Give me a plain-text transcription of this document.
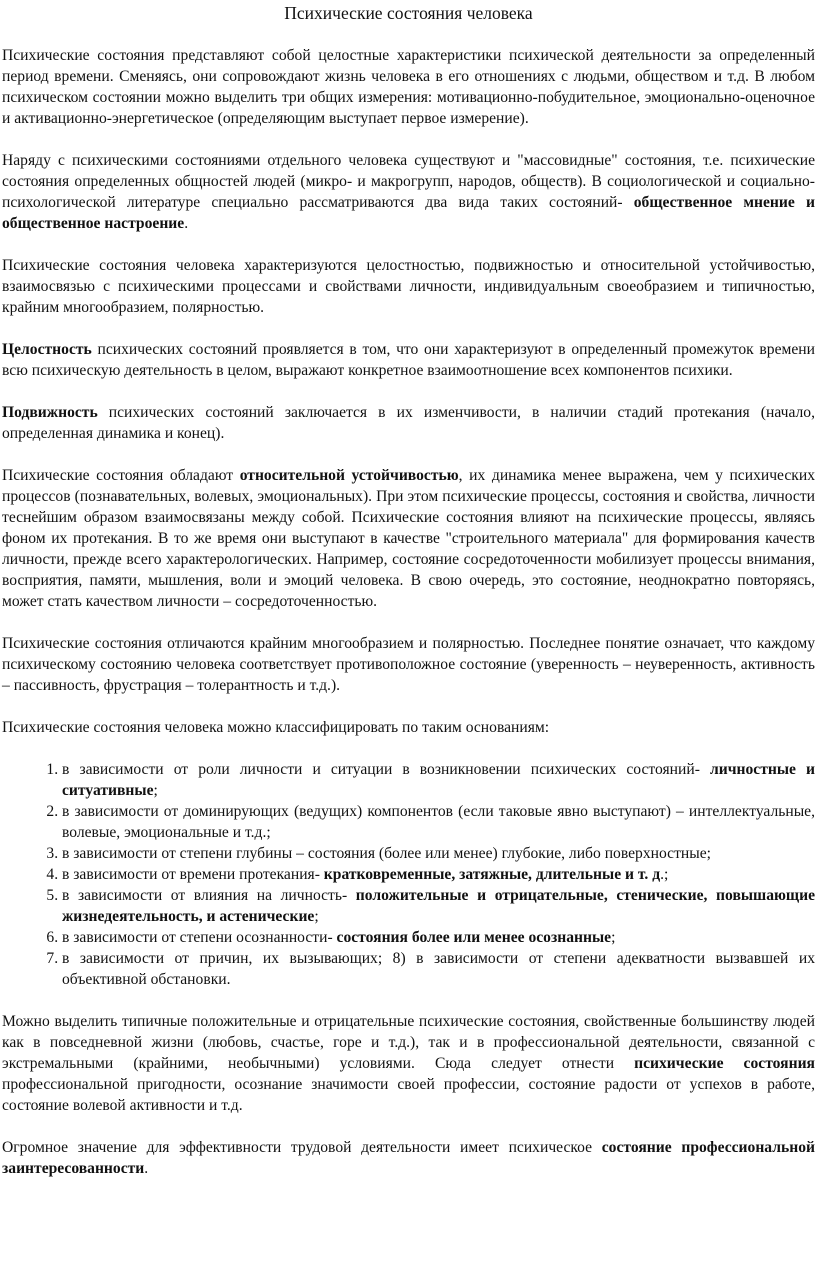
Психические состояния человека

Психические состояния представляют собой целостные характеристики психической деятельности за определенный период времени. Сменяясь, они сопровождают жизнь человека в его отношениях с людьми, обществом и т.д. В любом психическом состоянии можно выделить три общих измерения: мотивационно-побудительное, эмоционально-оценочное и активационно-энергетическое (определяющим выступает первое измерение).

Наряду с психическими состояниями отдельного человека существуют и "массовидные" состояния, т.е. психические состояния определенных общностей людей (микро- и макрогрупп, народов, обществ). В социологической и социально-психологической литературе специально рассматриваются два вида таких состояний- общественное мнение и общественное настроение.

Психические состояния человека характеризуются целостностью, подвижностью и относительной устойчивостью, взаимосвязью с психическими процессами и свойствами личности, индивидуальным своеобразием и типичностью, крайним многообразием, полярностью.

Целостность психических состояний проявляется в том, что они характеризуют в определенный промежуток времени всю психическую деятельность в целом, выражают конкретное взаимоотношение всех компонентов психики.

Подвижность психических состояний заключается в их изменчивости, в наличии стадий протекания (начало, определенная динамика и конец).

Психические состояния обладают относительной устойчивостью, их динамика менее выражена, чем у психических процессов (познавательных, волевых, эмоциональных). При этом психические процессы, состояния и свойства, личности теснейшим образом взаимосвязаны между собой. Психические состояния влияют на психические процессы, являясь фоном их протекания. В то же время они выступают в качестве "строительного материала" для формирования качеств личности, прежде всего характерологических. Например, состояние сосредоточенности мобилизует процессы внимания, восприятия, памяти, мышления, воли и эмоций человека. В свою очередь, это состояние, неоднократно повторяясь, может стать качеством личности – сосредоточенностью.

Психические состояния отличаются крайним многообразием и полярностью. Последнее понятие означает, что каждому психическому состоянию человека соответствует противоположное состояние (уверенность – неуверенность, активность – пассивность, фрустрация – толерантность и т.д.).

Психические состояния человека можно классифицировать по таким основаниям:

1. в зависимости от роли личности и ситуации в возникновении психических состояний- личностные и ситуативные;
2. в зависимости от доминирующих (ведущих) компонентов (если таковые явно выступают) – интеллектуальные, волевые, эмоциональные и т.д.;
3. в зависимости от степени глубины – состояния (более или менее) глубокие, либо поверхностные;
4. в зависимости от времени протекания- кратковременные, затяжные, длительные и т. д.;
5. в зависимости от влияния на личность- положительные и отрицательные, стенические, повышающие жизнедеятельность, и астенические;
6. в зависимости от степени осознанности- состояния более или менее осознанные;
7. в зависимости от причин, их вызывающих; 8) в зависимости от степени адекватности вызвавшей их объективной обстановки.

Можно выделить типичные положительные и отрицательные психические состояния, свойственные большинству людей как в повседневной жизни (любовь, счастье, горе и т.д.), так и в профессиональной деятельности, связанной с экстремальными (крайними, необычными) условиями. Сюда следует отнести психические состояния профессиональной пригодности, осознание значимости своей профессии, состояние радости от успехов в работе, состояние волевой активности и т.д.

Огромное значение для эффективности трудовой деятельности имеет психическое состояние профессиональной заинтересованности.
